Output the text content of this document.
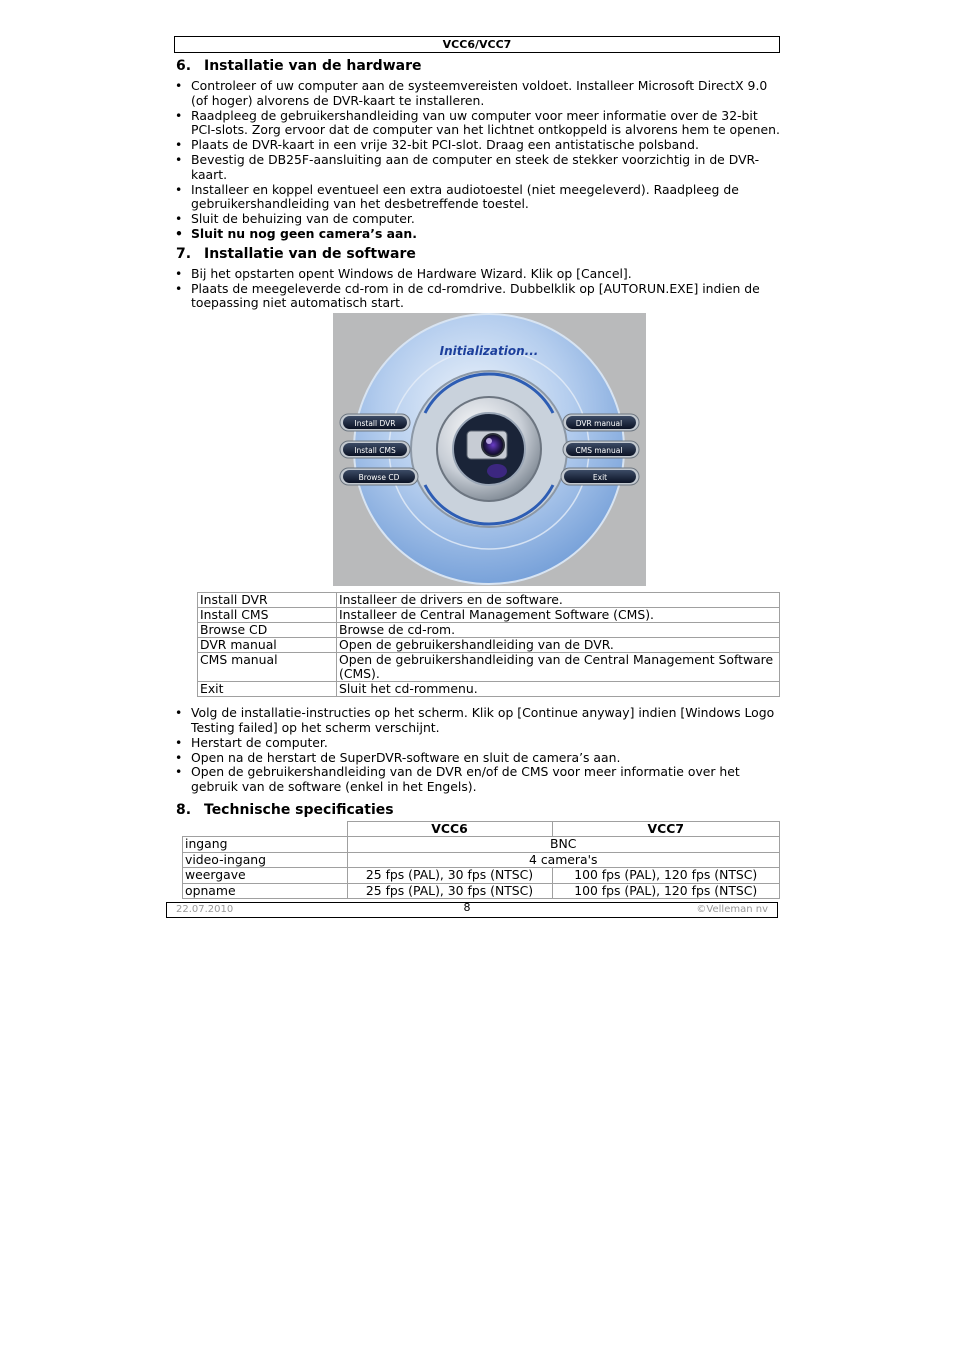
VCC6/VCC7
6. Installatie van de hardware
• Controleer of uw computer aan de systeemvereisten voldoet. Installeer Microsoft DirectX 9.0 (of hoger) alvorens de DVR-kaart te installeren.
• Raadpleeg de gebruikershandleiding van uw computer voor meer informatie over de 32-bit PCI-slots. Zorg ervoor dat de computer van het lichtnet ontkoppeld is alvorens hem te openen.
• Plaats de DVR-kaart in een vrije 32-bit PCI-slot. Draag een antistatische polsband.
• Bevestig de DB25F-aansluiting aan de computer en steek de stekker voorzichtig in de DVR-kaart.
• Installeer en koppel eventueel een extra audiotoestel (niet meegeleverd). Raadpleeg de gebruikershandleiding van het desbetreffende toestel.
• Sluit de behuizing van de computer.
• Sluit nu nog geen camera’s aan.
7. Installatie van de software
• Bij het opstarten opent Windows de Hardware Wizard. Klik op [Cancel].
• Plaats de meegeleverde cd-rom in de cd-romdrive. Dubbelklik op [AUTORUN.EXE] indien de toepassing niet automatisch start.
Initialization...
Install DVR
Install CMS
Browse CD
DVR manual
CMS manual
Exit
Install DVR	Installeer de drivers en de software.
Install CMS	Installeer de Central Management Software (CMS).
Browse CD	Browse de cd-rom.
DVR manual	Open de gebruikershandleiding van de DVR.
CMS manual	Open de gebruikershandleiding van de Central Management Software (CMS).
Exit	Sluit het cd-rommenu.
• Volg de installatie-instructies op het scherm. Klik op [Continue anyway] indien [Windows Logo Testing failed] op het scherm verschijnt.
• Herstart de computer.
• Open na de herstart de SuperDVR-software en sluit de camera’s aan.
• Open de gebruikershandleiding van de DVR en/of de CMS voor meer informatie over het gebruik van de software (enkel in het Engels).
8. Technische specificaties
	VCC6	VCC7
ingang	BNC	
video-ingang	4 camera's	
weergave	25 fps (PAL), 30 fps (NTSC)	100 fps (PAL), 120 fps (NTSC)
opname	25 fps (PAL), 30 fps (NTSC)	100 fps (PAL), 120 fps (NTSC)
22.07.2010	8	©Velleman nv
